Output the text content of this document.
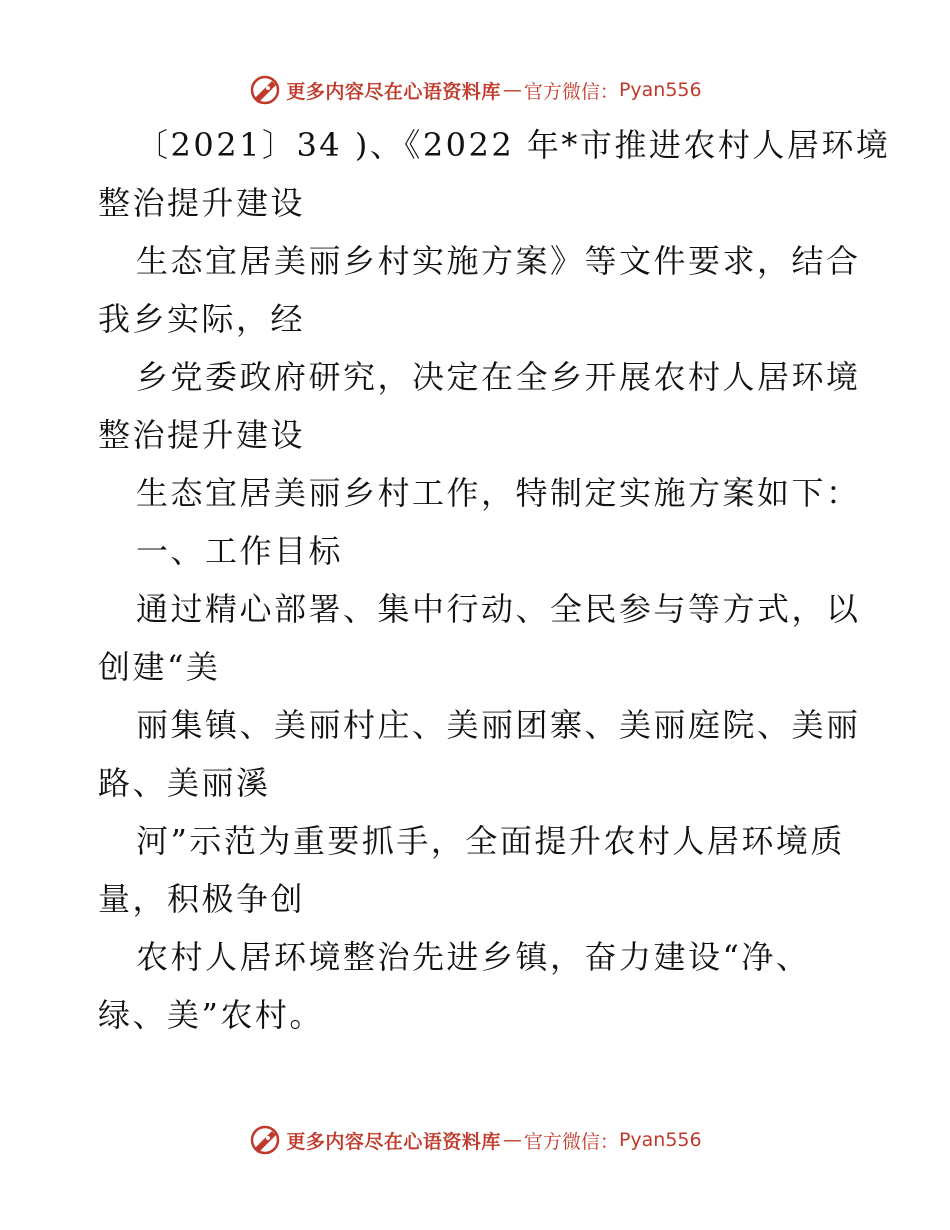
更多内容尽在心语资料库 — 官方微信： Pyan556
〔2021〕34 )、《2022 年*市推进农村人居环境
整治提升建设
生态宜居美丽乡村实施方案》等文件要求，结合
我乡实际，经
乡党委政府研究，决定在全乡开展农村人居环境
整治提升建设
生态宜居美丽乡村工作，特制定实施方案如下：
一、工作目标
通过精心部署、集中行动、全民参与等方式，以
创建“美
丽集镇、美丽村庄、美丽团寨、美丽庭院、美丽
路、美丽溪
河”示范为重要抓手，全面提升农村人居环境质
量，积极争创
农村人居环境整治先进乡镇，奋力建设“净、
绿、美”农村。
更多内容尽在心语资料库 — 官方微信： Pyan556
